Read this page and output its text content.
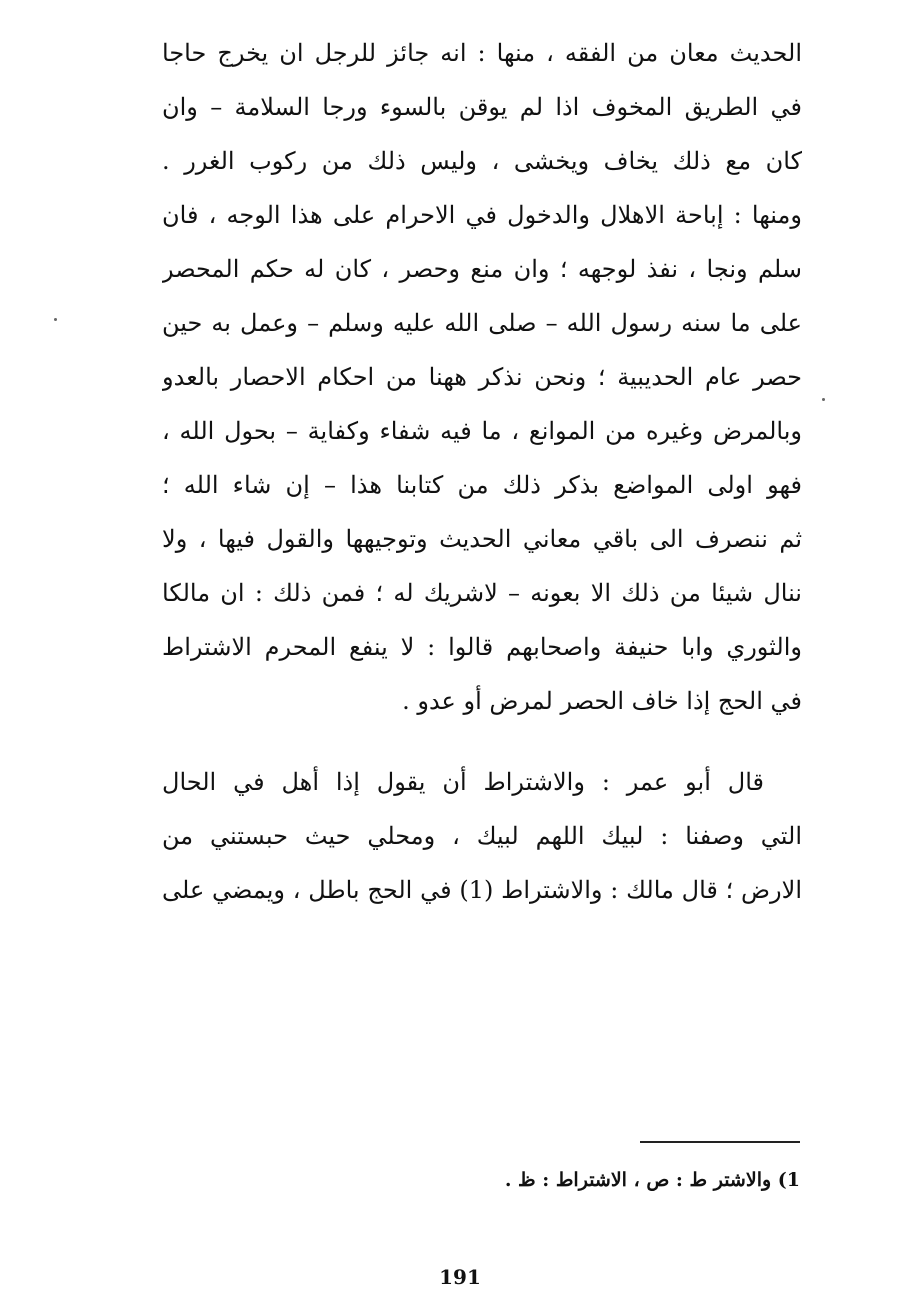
الحديث معان من الفقه ، منها : انه جائز للرجل ان يخرج حاجا
في الطريق المخوف اذا لم يوقن بالسوء ورجا السلامة – وان
كان مع ذلك يخاف ويخشى ، وليس ذلك من ركوب الغرر .
ومنها : إباحة الاهلال والدخول في الاحرام على هذا الوجه ، فان
سلم ونجا ، نفذ لوجهه ؛ وان منع وحصر ، كان له حكم المحصر
على ما سنه رسول الله – صلى الله عليه وسلم – وعمل به حين
حصر عام الحديبية ؛ ونحن نذكر ههنا من احكام الاحصار بالعدو
وبالمرض وغيره من الموانع ، ما فيه شفاء وكفاية – بحول الله ،
فهو اولى المواضع بذكر ذلك من كتابنا هذا – إن شاء الله ؛
ثم ننصرف الى باقي معاني الحديث وتوجيهها والقول فيها ، ولا
ننال شيئا من ذلك الا بعونه – لاشريك له ؛ فمن ذلك : ان مالكا
والثوري وابا حنيفة واصحابهم قالوا : لا ينفع المحرم الاشتراط
في الحج إذا خاف الحصر لمرض أو عدو .
قال أبو عمر : والاشتراط أن يقول إذا أهل في الحال
التي وصفنا : لبيك اللهم لبيك ، ومحلي حيث حبستني من
الارض ؛ قال مالك : والاشتراط (1) في الحج باطل ، ويمضي على
1) والاشتر ط : ص ، الاشتراط : ظ .
191
